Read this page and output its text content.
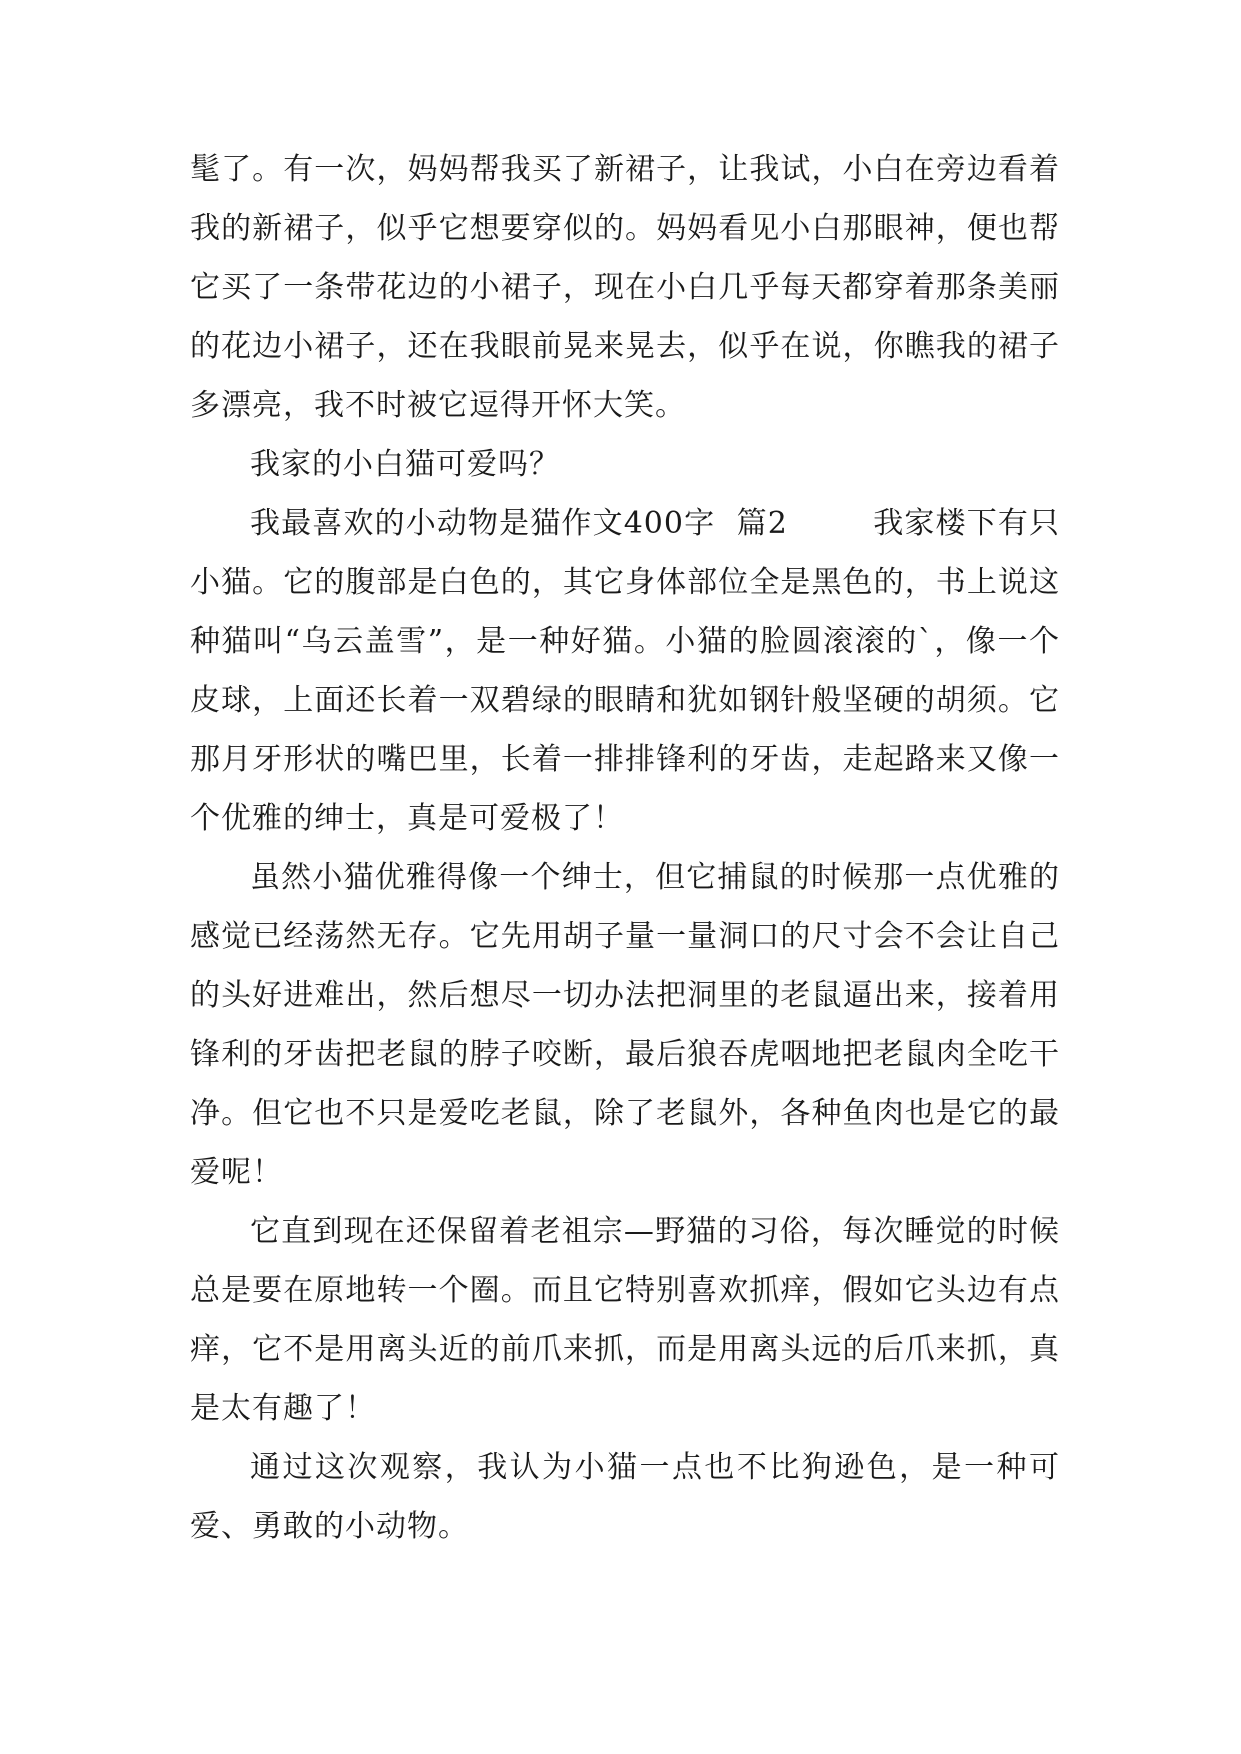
髦了。有一次，妈妈帮我买了新裙子，让我试，小白在旁边看着我的新裙子，似乎它想要穿似的。妈妈看见小白那眼神，便也帮它买了一条带花边的小裙子，现在小白几乎每天都穿着那条美丽的花边小裙子，还在我眼前晃来晃去，似乎在说，你瞧我的裙子多漂亮，我不时被它逗得开怀大笑。

我家的小白猫可爱吗？

我最喜欢的小动物是猫作文400字  篇2        我家楼下有只小猫。它的腹部是白色的，其它身体部位全是黑色的，书上说这种猫叫“乌云盖雪”，是一种好猫。小猫的脸圆滚滚的`，像一个皮球，上面还长着一双碧绿的眼睛和犹如钢针般坚硬的胡须。它那月牙形状的嘴巴里，长着一排排锋利的牙齿，走起路来又像一个优雅的绅士，真是可爱极了！

虽然小猫优雅得像一个绅士，但它捕鼠的时候那一点优雅的感觉已经荡然无存。它先用胡子量一量洞口的尺寸会不会让自己的头好进难出，然后想尽一切办法把洞里的老鼠逼出来，接着用锋利的牙齿把老鼠的脖子咬断，最后狼吞虎咽地把老鼠肉全吃干净。但它也不只是爱吃老鼠，除了老鼠外，各种鱼肉也是它的最爱呢！

它直到现在还保留着老祖宗—野猫的习俗，每次睡觉的时候总是要在原地转一个圈。而且它特别喜欢抓痒，假如它头边有点痒，它不是用离头近的前爪来抓，而是用离头远的后爪来抓，真是太有趣了！

通过这次观察，我认为小猫一点也不比狗逊色，是一种可爱、勇敢的小动物。
